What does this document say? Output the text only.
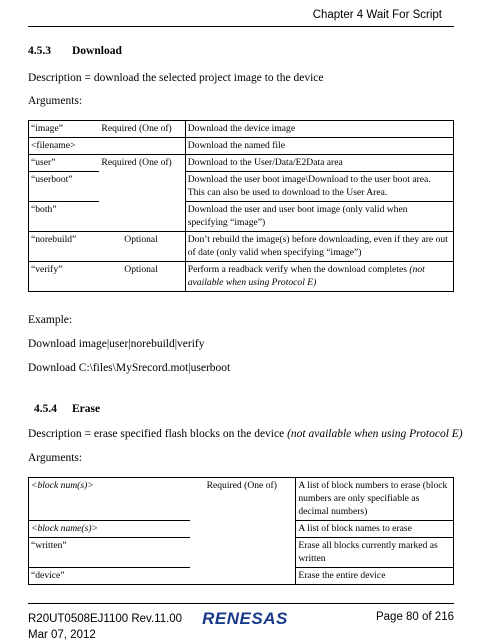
Chapter 4 Wait For Script
4.5.3 Download
Description = download the selected project image to the device
Arguments:
“image”	Required (One of)	Download the device image
<filename>		Download the named file
“user”	Required (One of)	Download to the User/Data/E2Data area
“userboot”		Download the user boot image\Download to the user boot area. This can also be used to download to the User Area.
“both”		Download the user and user boot image (only valid when specifying “image”)
“norebuild”	Optional	Don’t rebuild the image(s) before downloading, even if they are out of date (only valid when specifying “image”)
“verify”	Optional	Perform a readback verify when the download completes (not available when using Protocol E)
Example:
Download image|user|norebuild|verify
Download C:\files\MySrecord.mot|userboot
4.5.4 Erase
Description = erase specified flash blocks on the device (not available when using Protocol E)
Arguments:
<block num(s)>	Required (One of)	A list of block numbers to erase (block numbers are only specifiable as decimal numbers)
<block name(s)>		A list of block names to erase
“written”		Erase all blocks currently marked as written
“device”		Erase the entire device
R20UT0508EJ1100 Rev.11.00
Mar 07, 2012
RENESAS	Page 80 of 216
